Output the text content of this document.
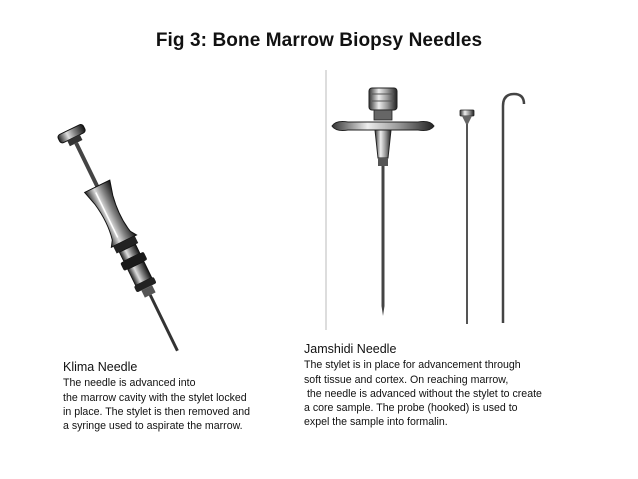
Fig 3: Bone Marrow Biopsy Needles
Klima Needle
The needle is advanced into
the marrow cavity with the stylet locked
in place. The stylet is then removed and
a syringe used to aspirate the marrow.
Jamshidi Needle
The stylet is in place for advancement through
soft tissue and cortex. On reaching marrow,
the needle is advanced without the stylet to create
a core sample. The probe (hooked) is used to
expel the sample into formalin.
